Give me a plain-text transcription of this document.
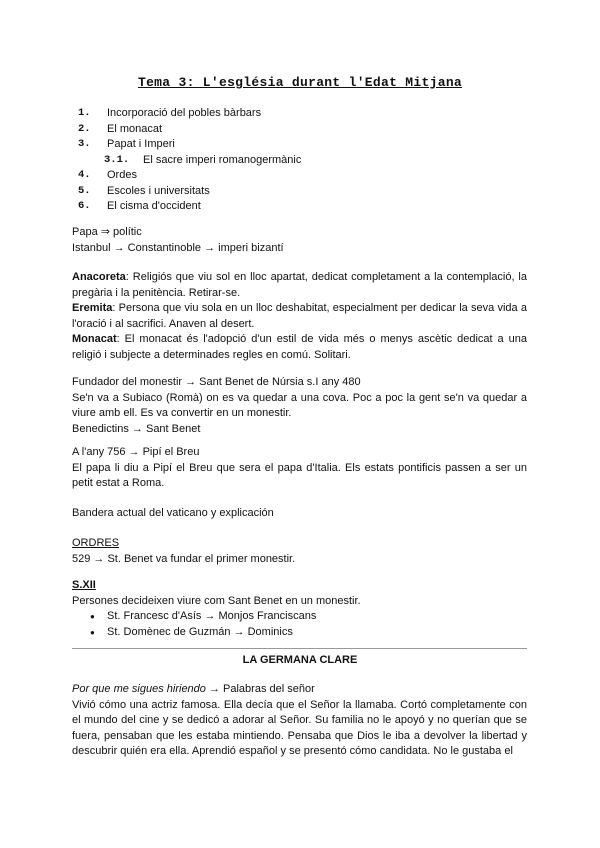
Tema 3: L'església durant l'Edat Mitjana
1. Incorporació del pobles bàrbars
2. El monacat
3. Papat i Imperi
3.1. El sacre imperi romanogermànic
4. Ordes
5. Escoles i universitats
6. El cisma d'occident
Papa ⇒ polític
Istanbul → Constantinoble → imperi bizantí
Anacoreta: Religiós que viu sol en lloc apartat, dedicat completament a la contemplació, la pregària i la penitència. Retirar-se.
Eremita: Persona que viu sola en un lloc deshabitat, especialment per dedicar la seva vida a l'oració i al sacrifici. Anaven al desert.
Monacat: El monacat és l'adopció d'un estil de vida més o menys ascètic dedicat a una religió i subjecte a determinades regles en comú. Solitari.
Fundador del monestir → Sant Benet de Núrsia s.I any 480
Se'n va a Subiaco (Romà) on es va quedar a una cova. Poc a poc la gent se'n va quedar a viure amb ell. Es va convertir en un monestir.
Benedictins → Sant Benet
A l'any 756 → Pipí el Breu
El papa li diu a Pipí el Breu que sera el papa d'Italia. Els estats pontificis passen a ser un petit estat a Roma.
Bandera actual del vaticano y explicación
ORDRES
529 → St. Benet va fundar el primer monestir.
S.XII
Persones decideixen viure com Sant Benet en un monestir.
● St. Francesc d'Asís → Monjos Franciscans
● St. Domènec de Guzmán → Dominics
LA GERMANA CLARE
Por que me sigues hiriendo → Palabras del señor
Vivió cómo una actriz famosa. Ella decía que el Señor la llamaba. Cortó completamente con el mundo del cine y se dedicó a adorar al Señor. Su familia no le apoyó y no querían que se fuera, pensaban que les estaba mintiendo. Pensaba que Dios le iba a devolver la libertad y descubrir quién era ella. Aprendió español y se presentó cómo candidata. No le gustaba el
